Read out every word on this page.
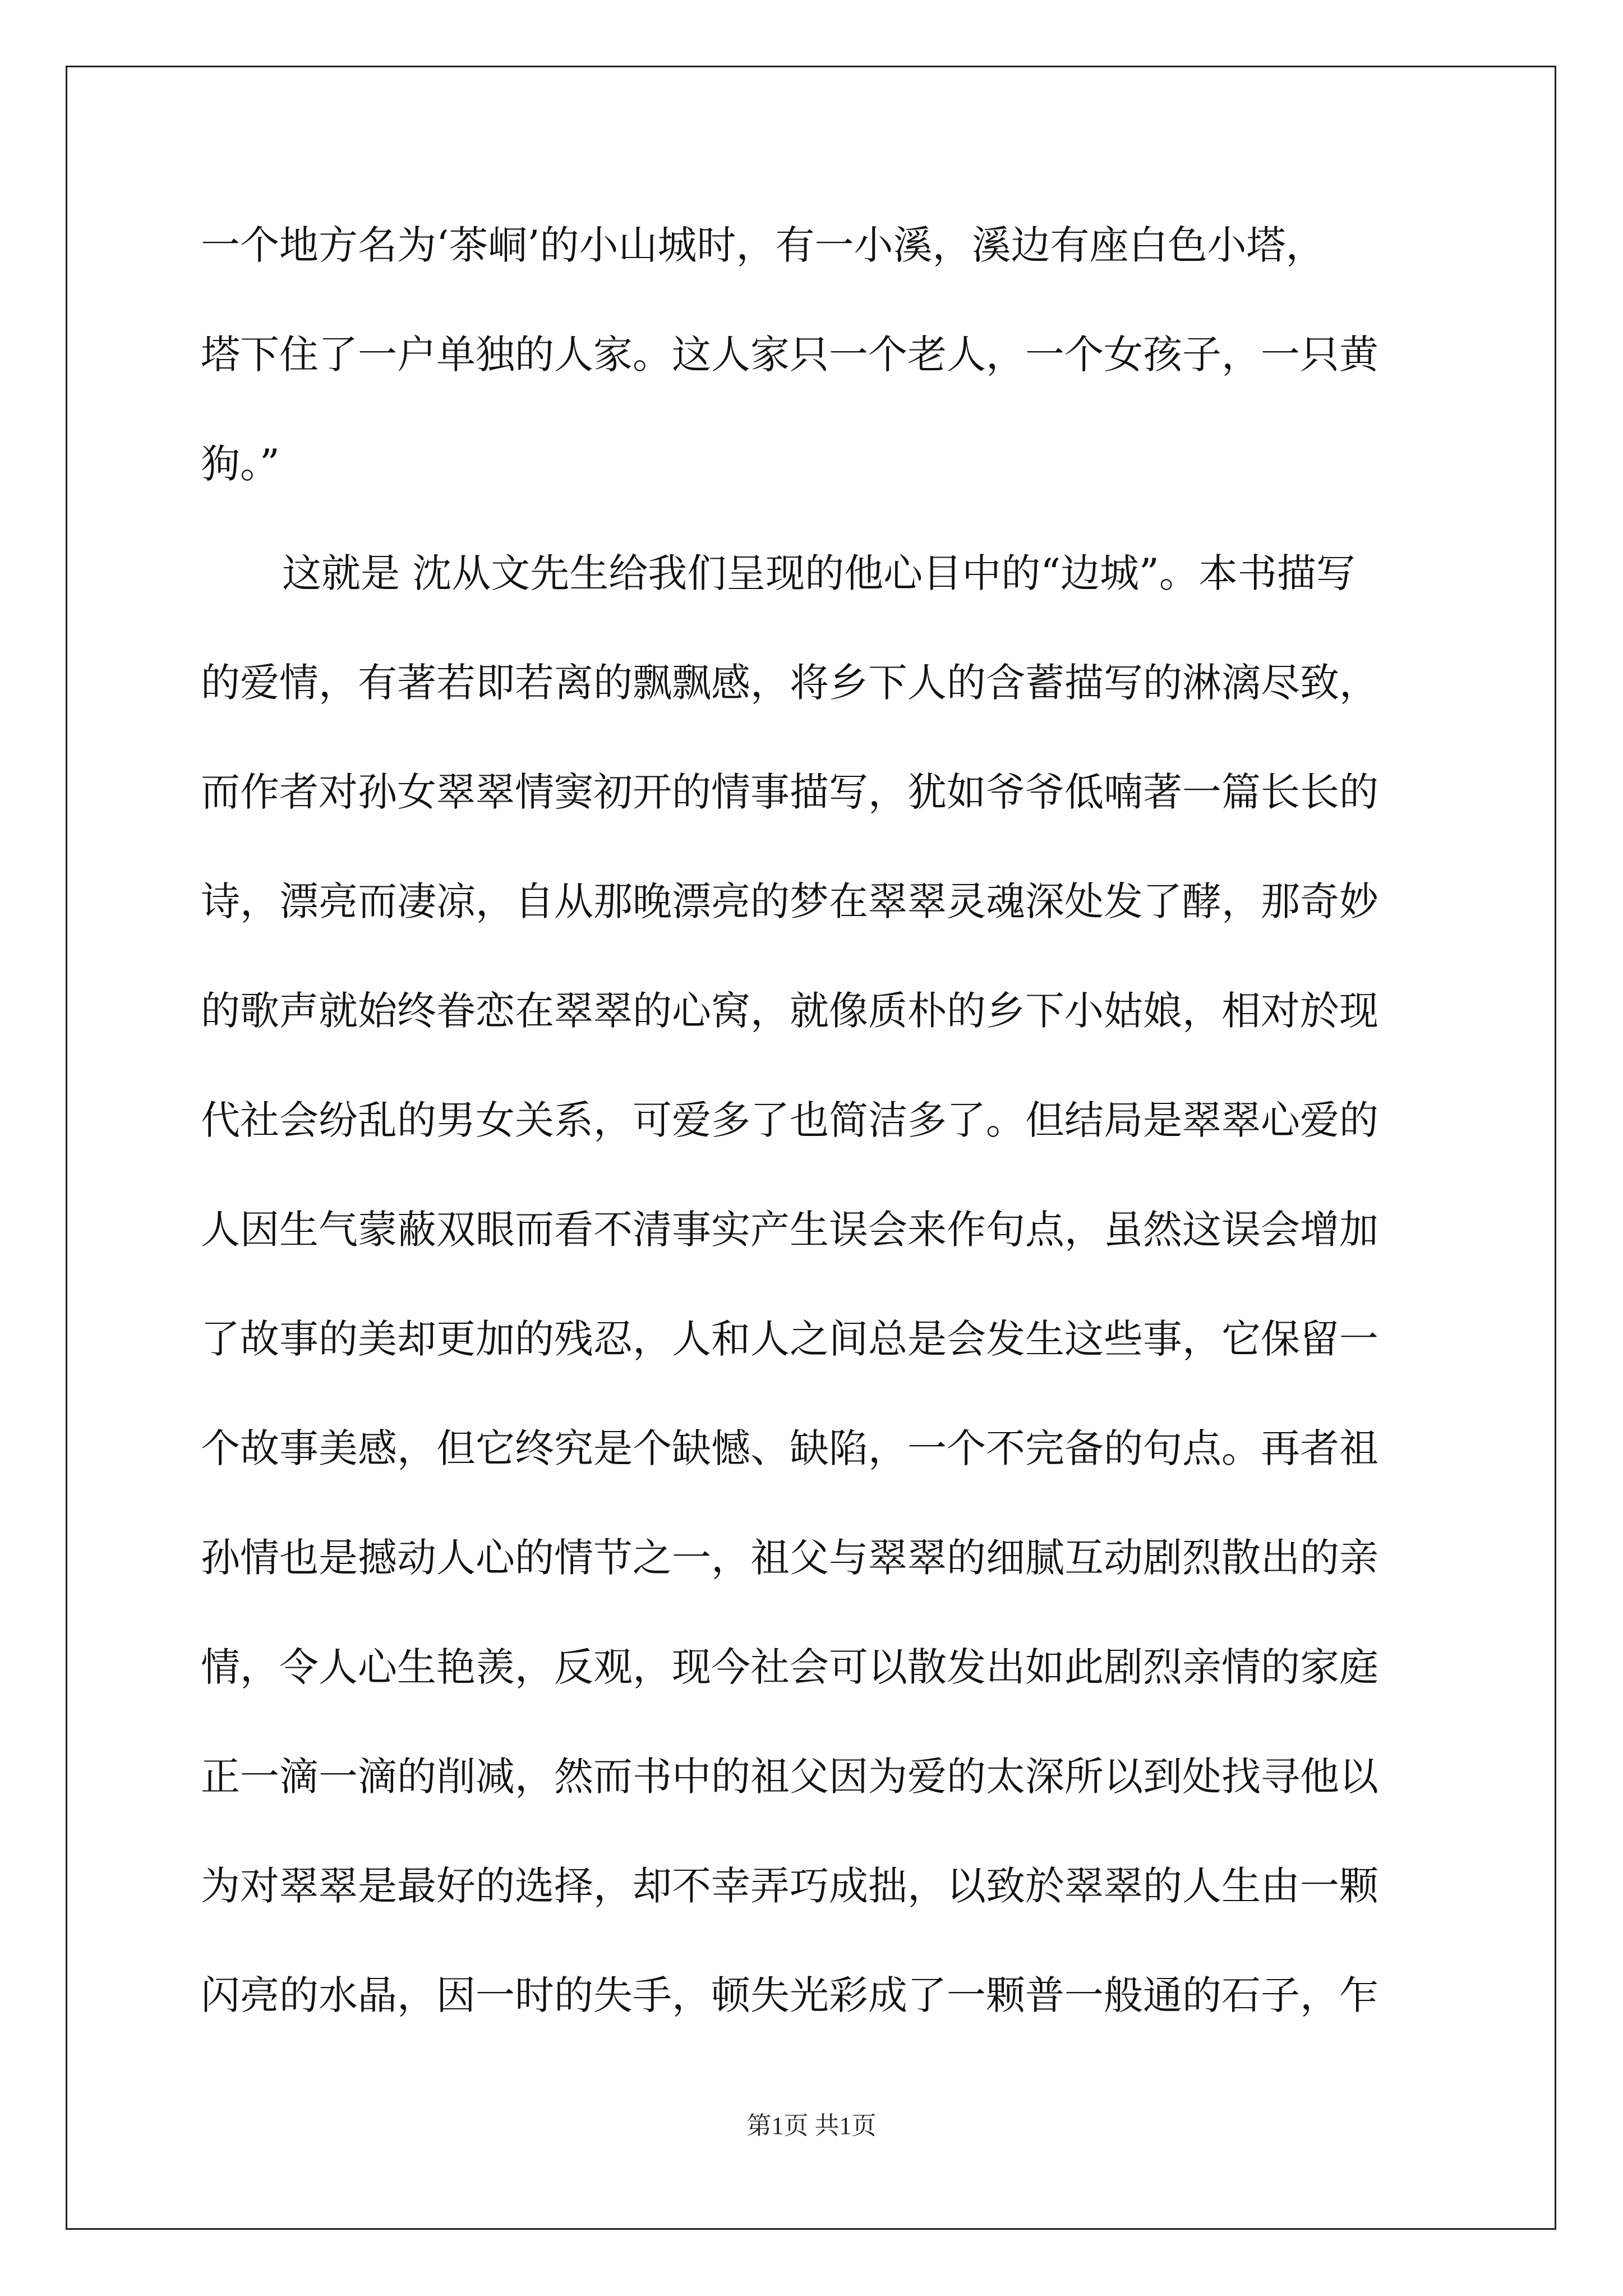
一个地方名为‘茶峒’的小山城时，有一小溪，溪边有座白色小塔，
塔下住了一户单独的人家。这人家只一个老人，一个女孩子，一只黄
狗。”
这就是 沈从文先生给我们呈现的他心目中的“边城”。本书描写
的爱情，有著若即若离的飘飘感，将乡下人的含蓄描写的淋漓尽致，
而作者对孙女翠翠情窦初开的情事描写，犹如爷爷低喃著一篇长长的
诗，漂亮而凄凉，自从那晚漂亮的梦在翠翠灵魂深处发了酵，那奇妙
的歌声就始终眷恋在翠翠的心窝，就像质朴的乡下小姑娘，相对於现
代社会纷乱的男女关系，可爱多了也简洁多了。但结局是翠翠心爱的
人因生气蒙蔽双眼而看不清事实产生误会来作句点，虽然这误会增加
了故事的美却更加的残忍，人和人之间总是会发生这些事，它保留一
个故事美感，但它终究是个缺憾、缺陷，一个不完备的句点。再者祖
孙情也是撼动人心的情节之一，祖父与翠翠的细腻互动剧烈散出的亲
情，令人心生艳羡，反观，现今社会可以散发出如此剧烈亲情的家庭
正一滴一滴的削减，然而书中的祖父因为爱的太深所以到处找寻他以
为对翠翠是最好的选择，却不幸弄巧成拙，以致於翠翠的人生由一颗
闪亮的水晶，因一时的失手，顿失光彩成了一颗普一般通的石子，乍
第1页 共1页
